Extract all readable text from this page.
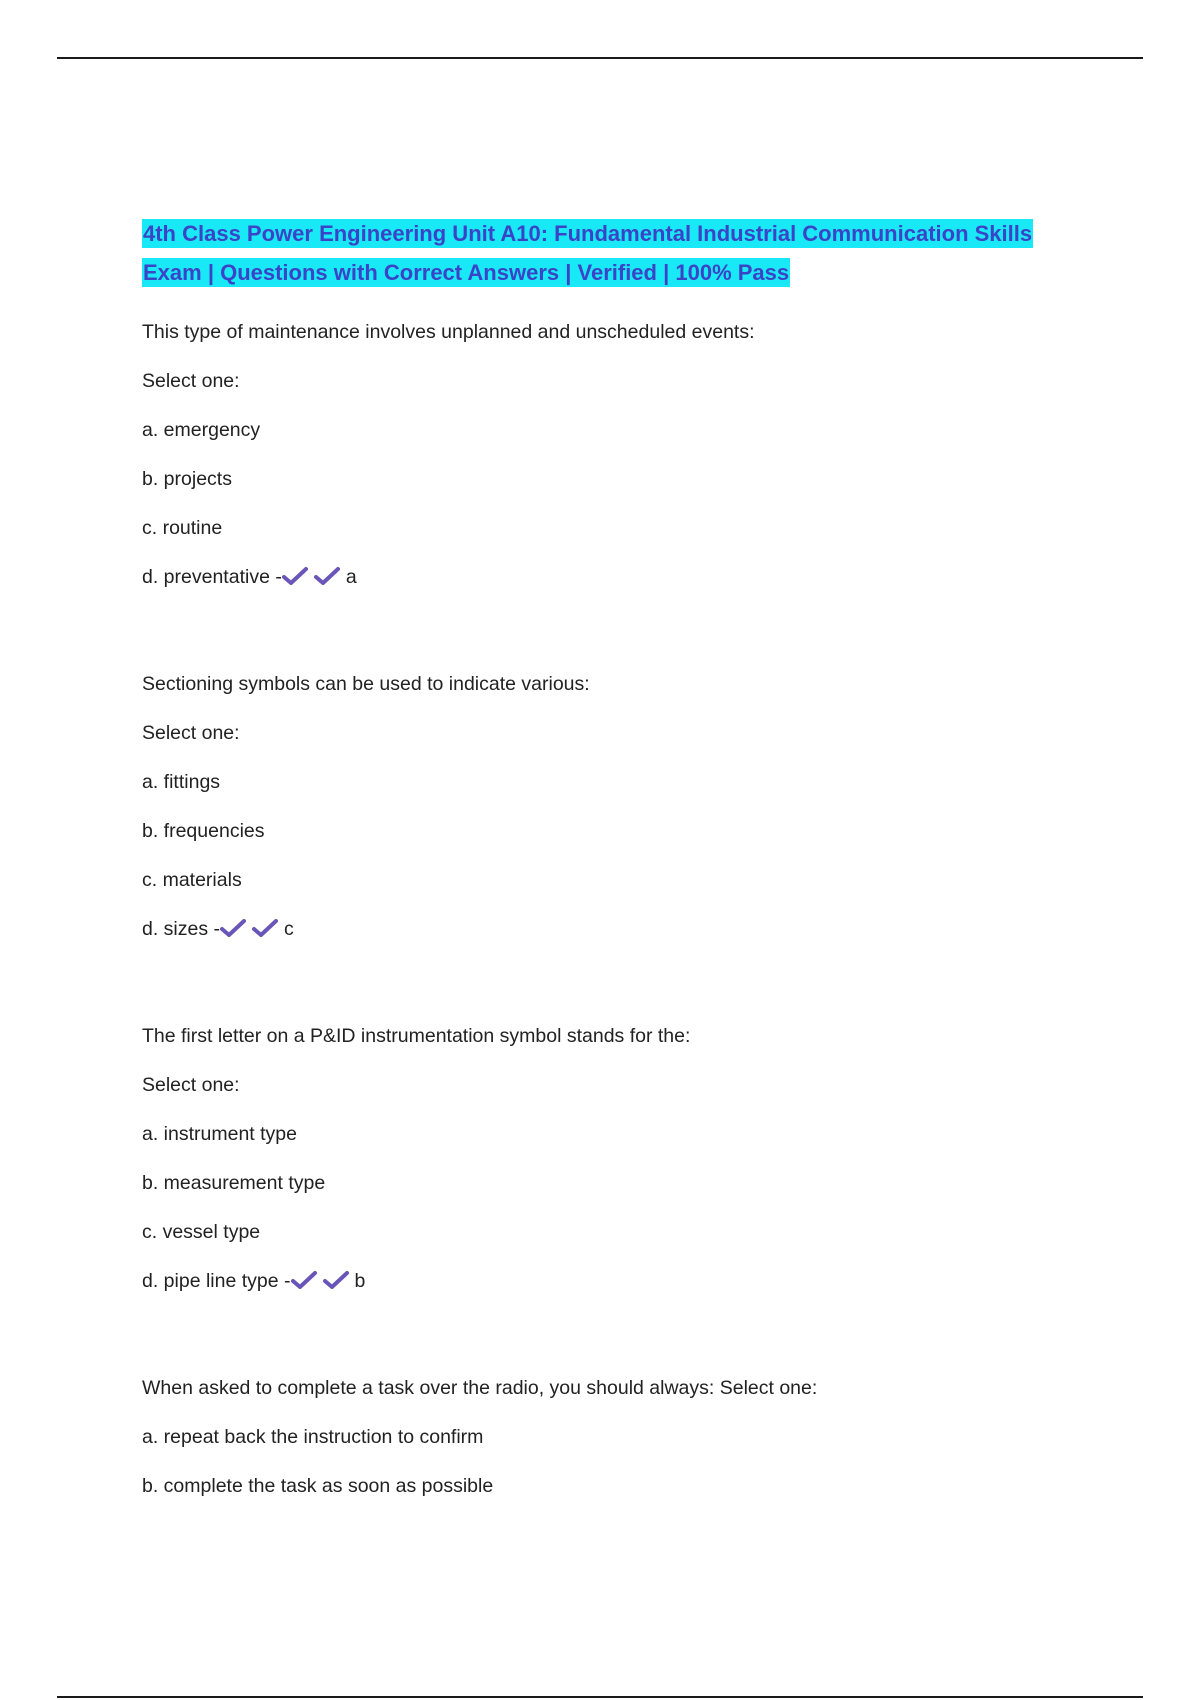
4th Class Power Engineering Unit A10: Fundamental Industrial Communication Skills Exam | Questions with Correct Answers | Verified | 100% Pass
This type of maintenance involves unplanned and unscheduled events:
Select one:
a. emergency
b. projects
c. routine
d. preventative -	a
Sectioning symbols can be used to indicate various:
Select one:
a. fittings
b. frequencies
c. materials
d. sizes -	c
The first letter on a P&ID instrumentation symbol stands for the:
Select one:
a. instrument type
b. measurement type
c. vessel type
d. pipe line type -	b
When asked to complete a task over the radio, you should always: Select one:
a. repeat back the instruction to confirm
b. complete the task as soon as possible
